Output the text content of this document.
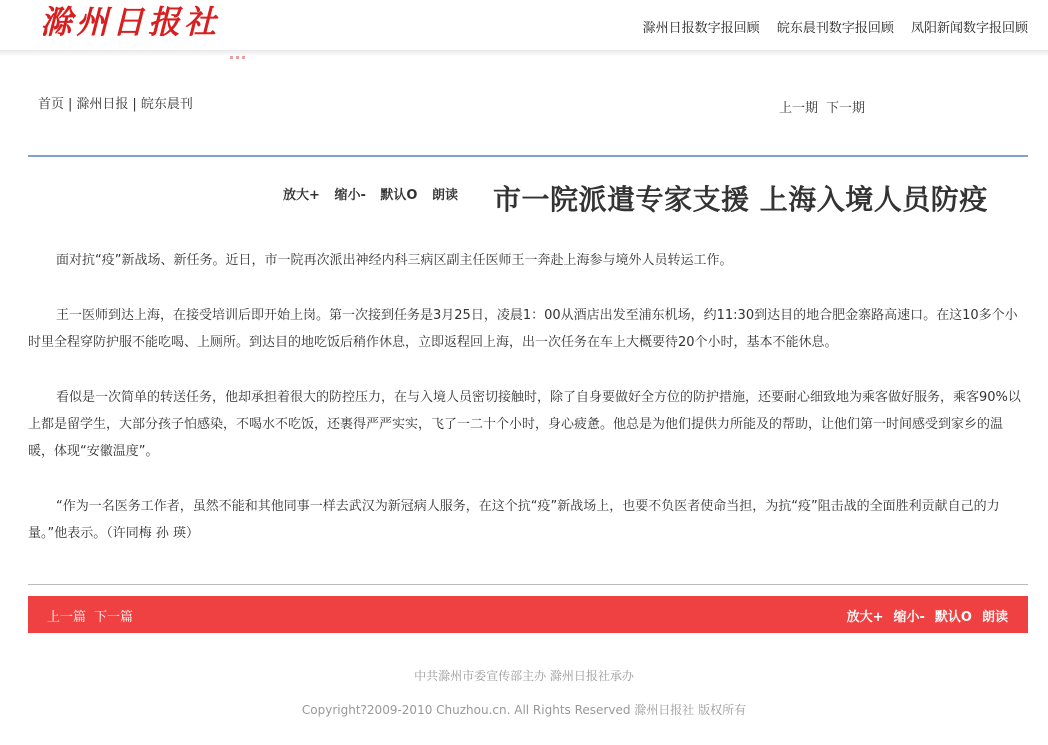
滁州日报社	滁州日报数字报回顾 皖东晨刊数字报回顾 凤阳新闻数字报回顾
首页 | 滁州日报 | 皖东晨刊	上一期 下一期
放大+ 缩小- 默认O 朗读	市一院派遣专家支援 上海入境人员防疫

面对抗“疫”新战场、新任务。近日，市一院再次派出神经内科三病区副主任医师王一奔赴上海参与境外人员转运工作。

王一医师到达上海，在接受培训后即开始上岗。第一次接到任务是3月25日，凌晨1：00从酒店出发至浦东机场，约11:30到达目的地合肥金寨路高速口。在这10多个小时里全程穿防护服不能吃喝、上厕所。到达目的地吃饭后稍作休息，立即返程回上海，出一次任务在车上大概要待20个小时，基本不能休息。

看似是一次简单的转送任务，他却承担着很大的防控压力，在与入境人员密切接触时，除了自身要做好全方位的防护措施，还要耐心细致地为乘客做好服务，乘客90%以上都是留学生，大部分孩子怕感染，不喝水不吃饭，还裹得严严实实，飞了一二十个小时，身心疲惫。他总是为他们提供力所能及的帮助，让他们第一时间感受到家乡的温暖，体现“安徽温度”。

“作为一名医务工作者，虽然不能和其他同事一样去武汉为新冠病人服务，在这个抗“疫”新战场上，也要不负医者使命当担，为抗“疫”阻击战的全面胜利贡献自己的力量。”他表示。（许同梅 孙 瑛）

上一篇 下一篇	放大+ 缩小- 默认O 朗读
中共滁州市委宣传部主办 滁州日报社承办
Copyright?2009-2010 Chuzhou.cn. All Rights Reserved 滁州日报社 版权所有
